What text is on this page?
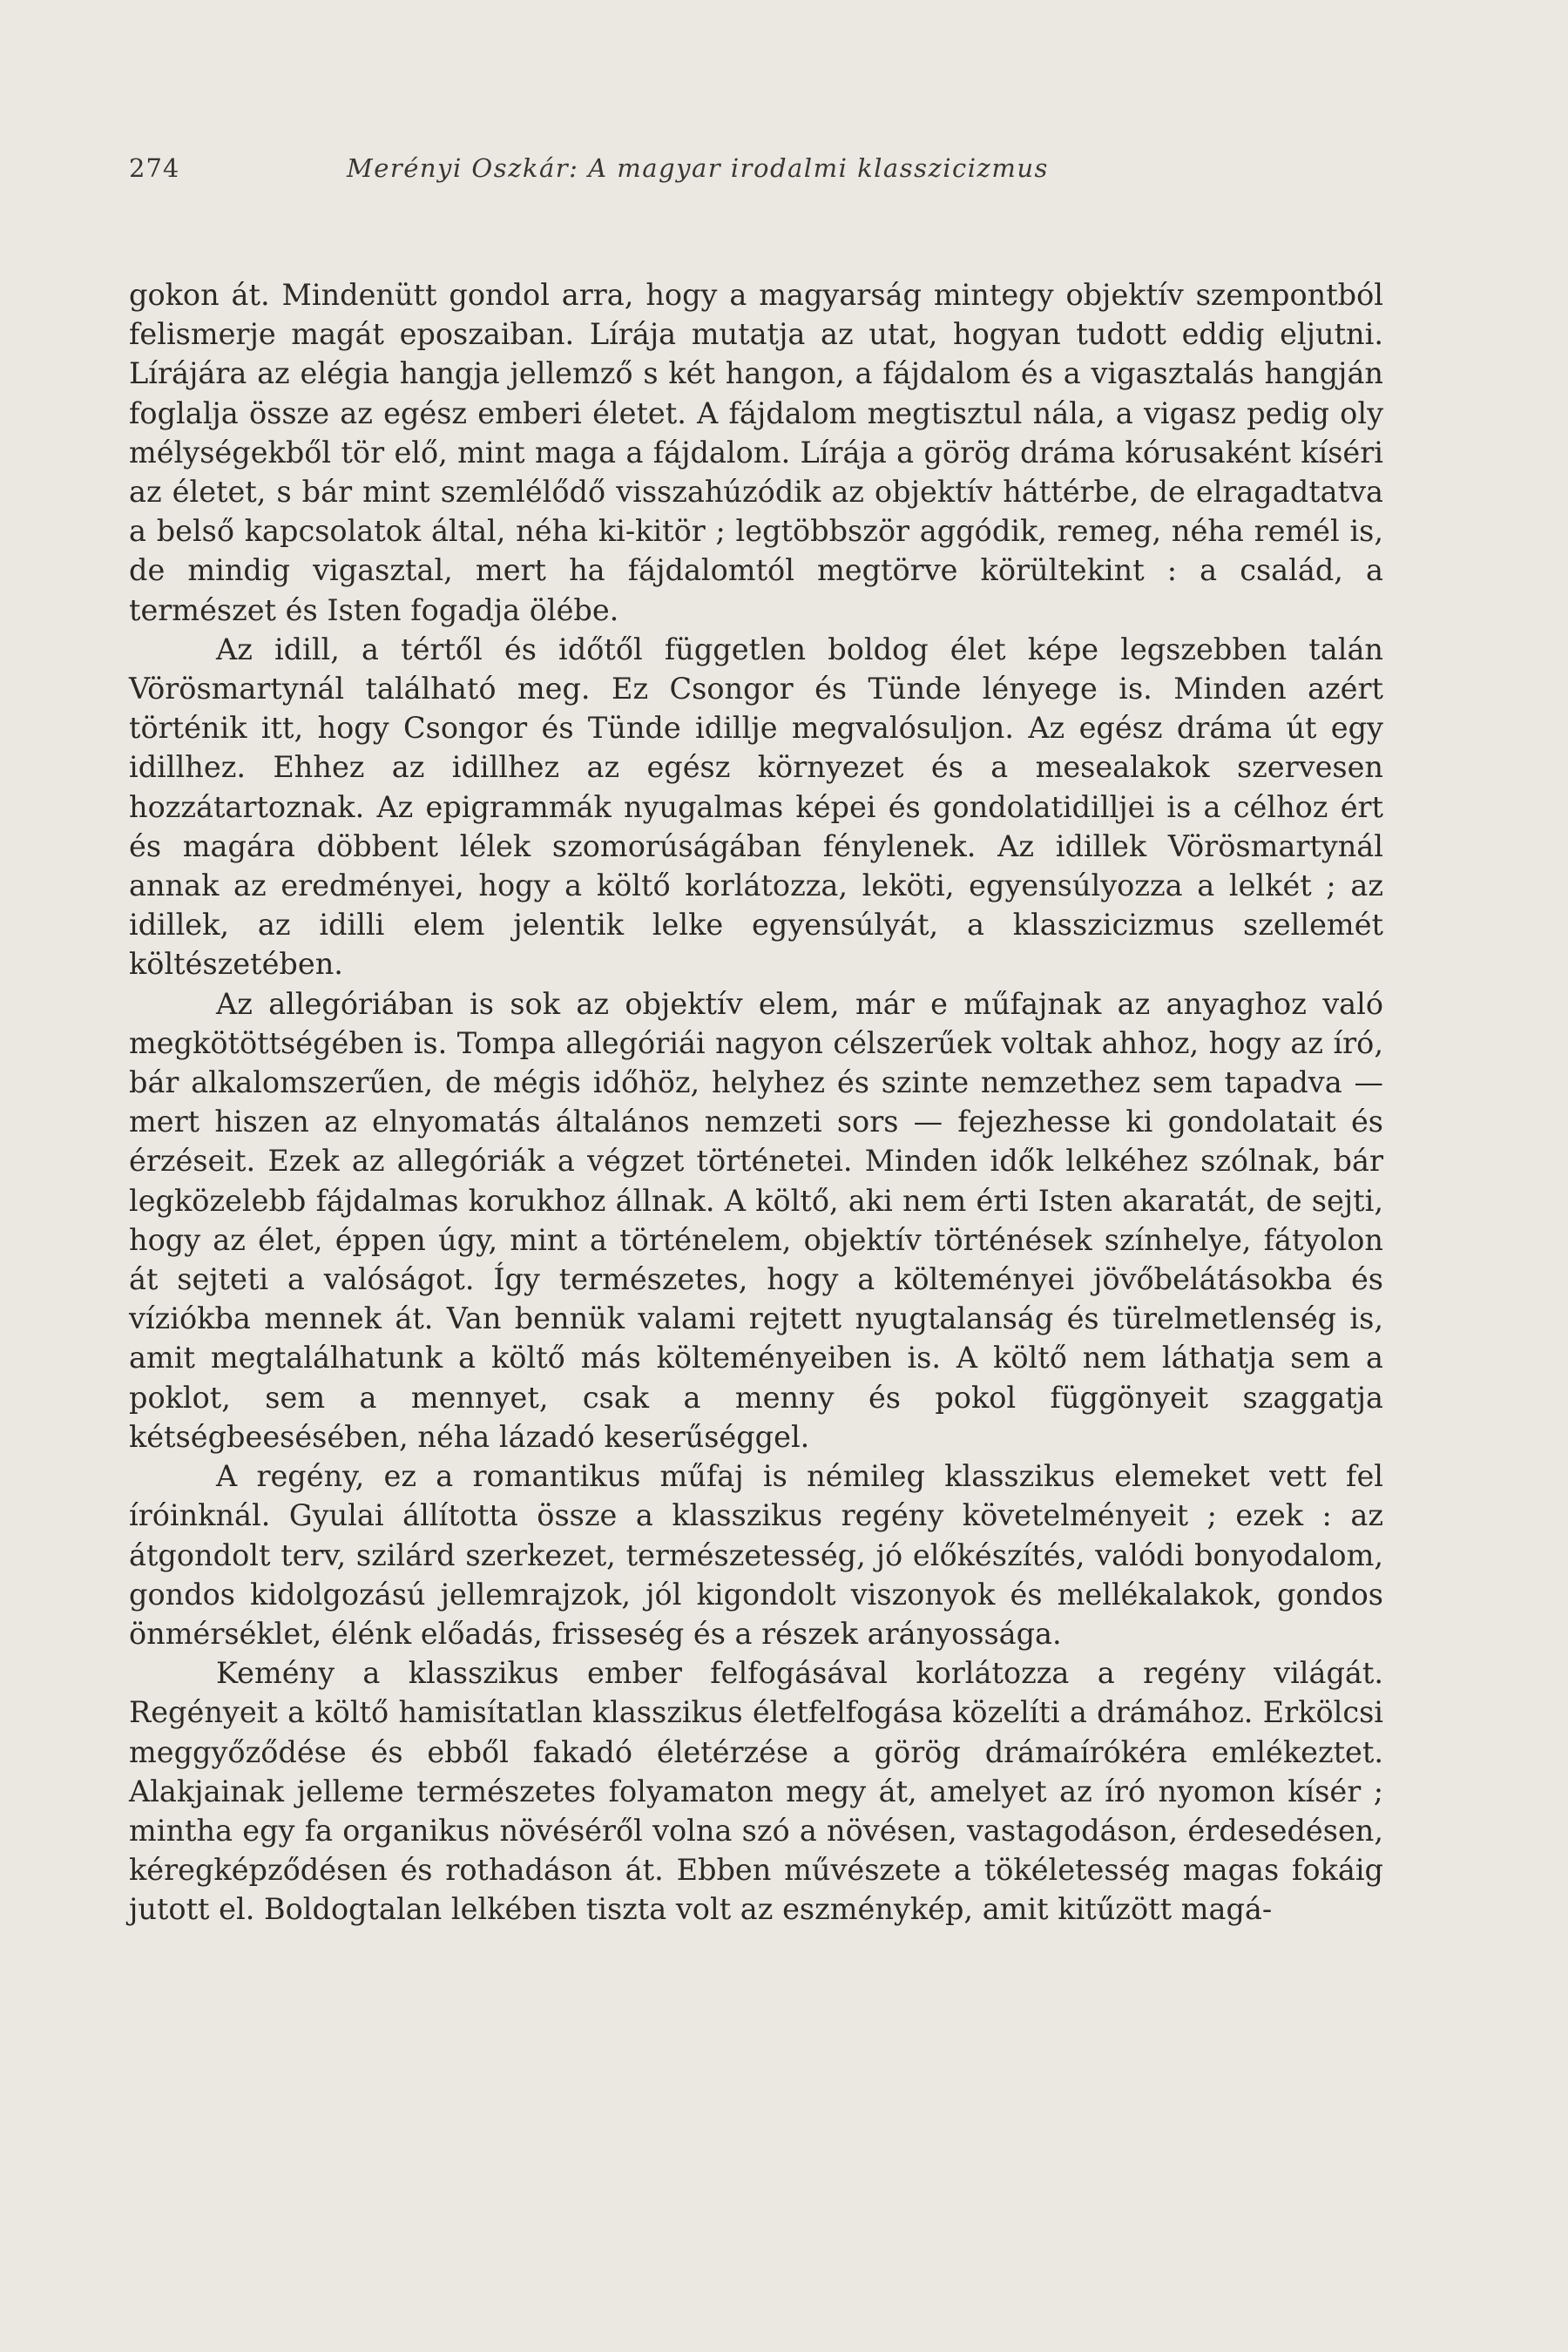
274	Merényi Oszkár: A magyar irodalmi klasszicizmus

gokon át. Mindenütt gondol arra, hogy a magyarság mintegy objektív szempontból felismerje magát eposzaiban. Lírája mutatja az utat, hogyan tudott eddig eljutni. Lírájára az elégia hangja jellemző s két hangon, a fájdalom és a vigasztalás hangján foglalja össze az egész emberi életet. A fájdalom megtisztul nála, a vigasz pedig oly mélységekből tör elő, mint maga a fájdalom. Lírája a görög dráma kórusaként kíséri az életet, s bár mint szemlélődő visszahúzódik az objektív háttérbe, de elragadtatva a belső kapcsolatok által, néha ki-kitör ; legtöbbször aggódik, remeg, néha remél is, de mindig vigasztal, mert ha fájdalomtól megtörve körültekint : a család, a természet és Isten fogadja ölébe.

Az idill, a tértől és időtől független boldog élet képe legszebben talán Vörösmartynál található meg. Ez Csongor és Tünde lényege is. Minden azért történik itt, hogy Csongor és Tünde idillje megvalósuljon. Az egész dráma út egy idillhez. Ehhez az idillhez az egész környezet és a mesealakok szervesen hozzátartoznak. Az epigrammák nyugalmas képei és gondolatidilljei is a célhoz ért és magára döbbent lélek szomorúságában fénylenek. Az idillek Vörösmartynál annak az eredményei, hogy a költő korlátozza, leköti, egyensúlyozza a lelkét ; az idillek, az idilli elem jelentik lelke egyensúlyát, a klasszicizmus szellemét költészetében.

Az allegóriában is sok az objektív elem, már e műfajnak az anyaghoz való megkötöttségében is. Tompa allegóriái nagyon célszerűek voltak ahhoz, hogy az író, bár alkalomszerűen, de mégis időhöz, helyhez és szinte nemzethez sem tapadva — mert hiszen az elnyomatás általános nemzeti sors — fejezhesse ki gondolatait és érzéseit. Ezek az allegóriák a végzet történetei. Minden idők lelkéhez szólnak, bár legközelebb fájdalmas korukhoz állnak. A költő, aki nem érti Isten akaratát, de sejti, hogy az élet, éppen úgy, mint a történelem, objektív történések színhelye, fátyolon át sejteti a valóságot. Így természetes, hogy a költeményei jövőbelátásokba és víziókba mennek át. Van bennük valami rejtett nyugtalanság és türelmetlenség is, amit megtalálhatunk a költő más költeményeiben is. A költő nem láthatja sem a poklot, sem a mennyet, csak a menny és pokol függönyeit szaggatja kétségbeesésében, néha lázadó keserűséggel.

A regény, ez a romantikus műfaj is némileg klasszikus elemeket vett fel íróinknál. Gyulai állította össze a klasszikus regény követelményeit ; ezek : az átgondolt terv, szilárd szerkezet, természetesség, jó előkészítés, valódi bonyodalom, gondos kidolgozású jellemrajzok, jól kigondolt viszonyok és mellékalakok, gondos önmérséklet, élénk előadás, frisseség és a részek arányossága.

Kemény a klasszikus ember felfogásával korlátozza a regény világát. Regényeit a költő hamisítatlan klasszikus életfelfogása közelíti a drámához. Erkölcsi meggyőződése és ebből fakadó életérzése a görög drámaírókéra emlékeztet. Alakjainak jelleme természetes folyamaton megy át, amelyet az író nyomon kísér ; mintha egy fa organikus növéséről volna szó a növésen, vastagodáson, érdesedésen, kéregképződésen és rothadáson át. Ebben művészete a tökéletesség magas fokáig jutott el. Boldogtalan lelkében tiszta volt az eszménykép, amit kitűzött magá-
